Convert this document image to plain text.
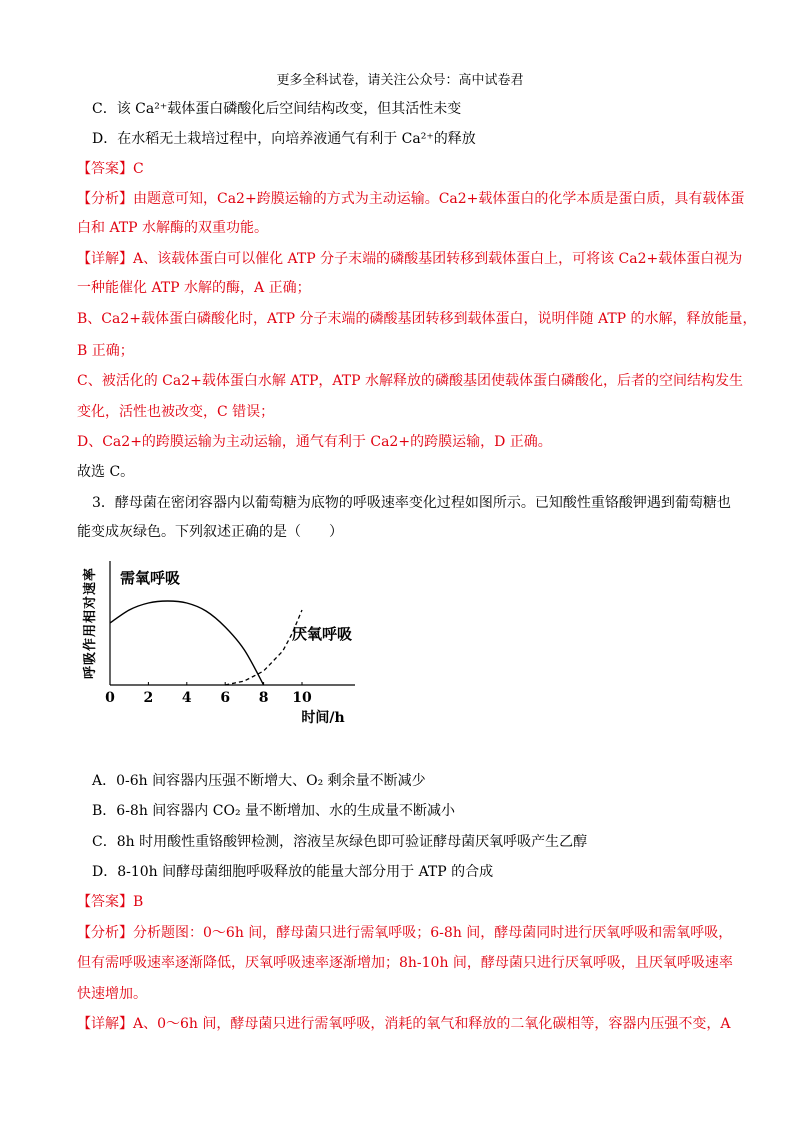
更多全科试卷，请关注公众号：高中试卷君
C．该 Ca²⁺载体蛋白磷酸化后空间结构改变，但其活性未变
D．在水稻无土栽培过程中，向培养液通气有利于 Ca²⁺的释放
【答案】C
【分析】由题意可知，Ca2+跨膜运输的方式为主动运输。Ca2+载体蛋白的化学本质是蛋白质，具有载体蛋
白和 ATP 水解酶的双重功能。
【详解】A、该载体蛋白可以催化 ATP 分子末端的磷酸基团转移到载体蛋白上，可将该 Ca2+载体蛋白视为
一种能催化 ATP 水解的酶，A 正确；
B、Ca2+载体蛋白磷酸化时，ATP 分子末端的磷酸基团转移到载体蛋白，说明伴随 ATP 的水解，释放能量，
B 正确；
C、被活化的 Ca2+载体蛋白水解 ATP，ATP 水解释放的磷酸基团使载体蛋白磷酸化，后者的空间结构发生
变化，活性也被改变，C 错误；
D、Ca2+的跨膜运输为主动运输，通气有利于 Ca2+的跨膜运输，D 正确。
故选 C。
3．酵母菌在密闭容器内以葡萄糖为底物的呼吸速率变化过程如图所示。已知酸性重铬酸钾遇到葡萄糖也
能变成灰绿色。下列叙述正确的是（　　）
0 2 4 6 8 10
时间/h
呼吸作用相对速率 需氧呼吸
厌氧呼吸
A．0-6h 间容器内压强不断增大、O₂ 剩余量不断减少
B．6-8h 间容器内 CO₂ 量不断增加、水的生成量不断减小
C．8h 时用酸性重铬酸钾检测，溶液呈灰绿色即可验证酵母菌厌氧呼吸产生乙醇
D．8-10h 间酵母菌细胞呼吸释放的能量大部分用于 ATP 的合成
【答案】B
【分析】分析题图：0～6h 间，酵母菌只进行需氧呼吸；6-8h 间，酵母菌同时进行厌氧呼吸和需氧呼吸，
但有需呼吸速率逐渐降低，厌氧呼吸速率逐渐增加；8h-10h 间，酵母菌只进行厌氧呼吸，且厌氧呼吸速率
快速增加。
【详解】A、0～6h 间，酵母菌只进行需氧呼吸，消耗的氧气和释放的二氧化碳相等，容器内压强不变，A
